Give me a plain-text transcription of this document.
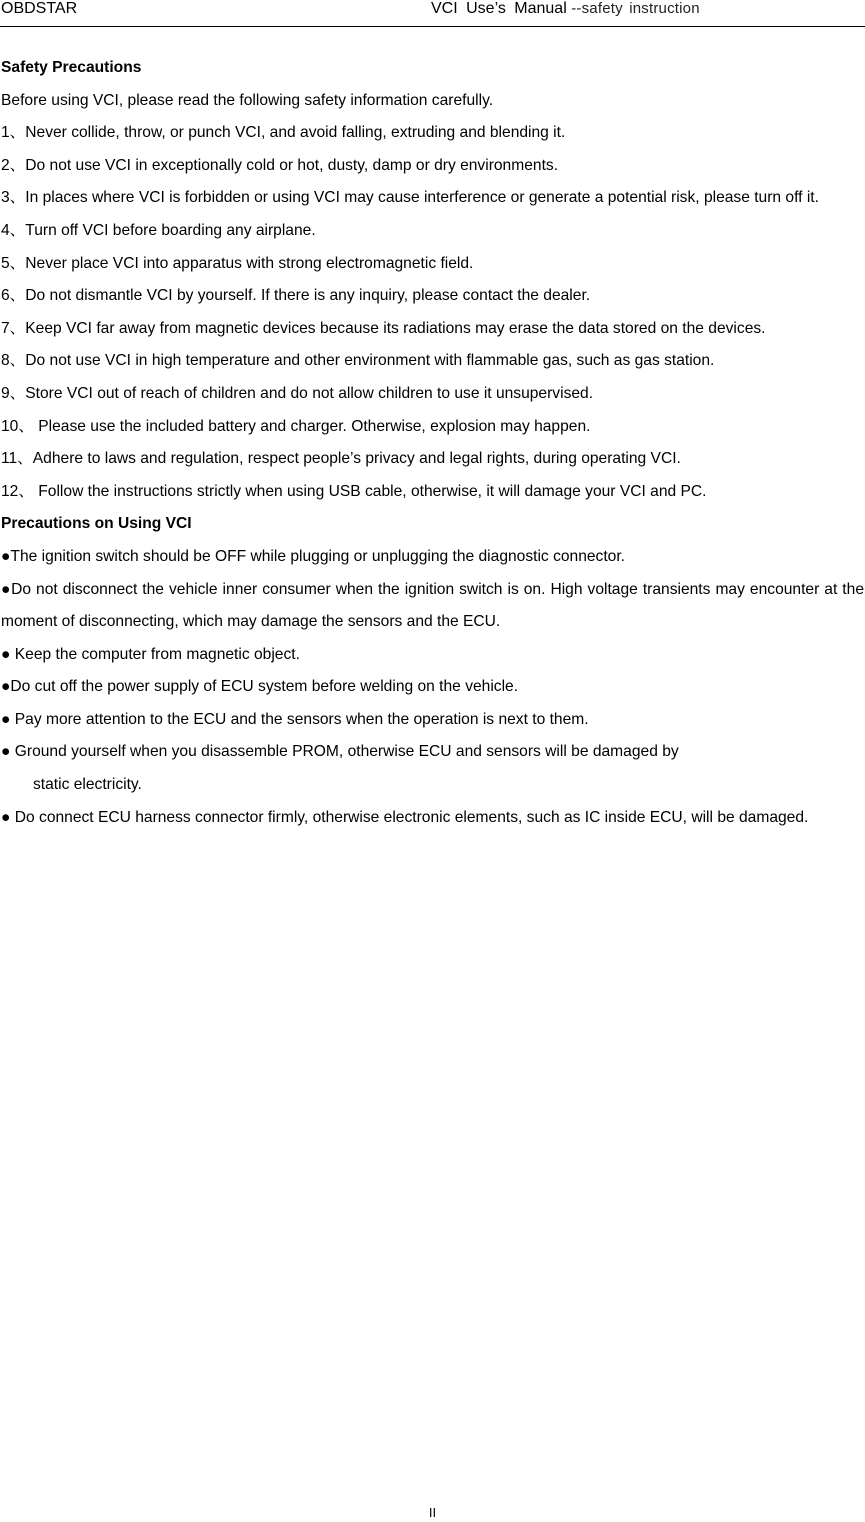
OBDSTAR	VCI Use’s Manual --safety instruction

Safety Precautions

Before using VCI, please read the following safety information carefully.

1、Never collide, throw, or punch VCI, and avoid falling, extruding and blending it.

2、Do not use VCI in exceptionally cold or hot, dusty, damp or dry environments.

3、In places where VCI is forbidden or using VCI may cause interference or generate a potential risk, please turn off it.

4、Turn off VCI before boarding any airplane.

5、Never place VCI into apparatus with strong electromagnetic field.

6、Do not dismantle VCI by yourself. If there is any inquiry, please contact the dealer.

7、Keep VCI far away from magnetic devices because its radiations may erase the data stored on the devices.

8、Do not use VCI in high temperature and other environment with flammable gas, such as gas station.

9、Store VCI out of reach of children and do not allow children to use it unsupervised.

10、 Please use the included battery and charger. Otherwise, explosion may happen.

11、Adhere to laws and regulation, respect people’s privacy and legal rights, during operating VCI.

12、 Follow the instructions strictly when using USB cable, otherwise, it will damage your VCI and PC.

Precautions on Using VCI

●The ignition switch should be OFF while plugging or unplugging the diagnostic connector.

●Do not disconnect the vehicle inner consumer when the ignition switch is on. High voltage transients may encounter at the moment of disconnecting, which may damage the sensors and the ECU.

● Keep the computer from magnetic object.

●Do cut off the power supply of ECU system before welding on the vehicle.

● Pay more attention to the ECU and the sensors when the operation is next to them.

● Ground yourself when you disassemble PROM, otherwise ECU and sensors will be damaged by

static electricity.

● Do connect ECU harness connector firmly, otherwise electronic elements, such as IC inside ECU, will be damaged.

II
